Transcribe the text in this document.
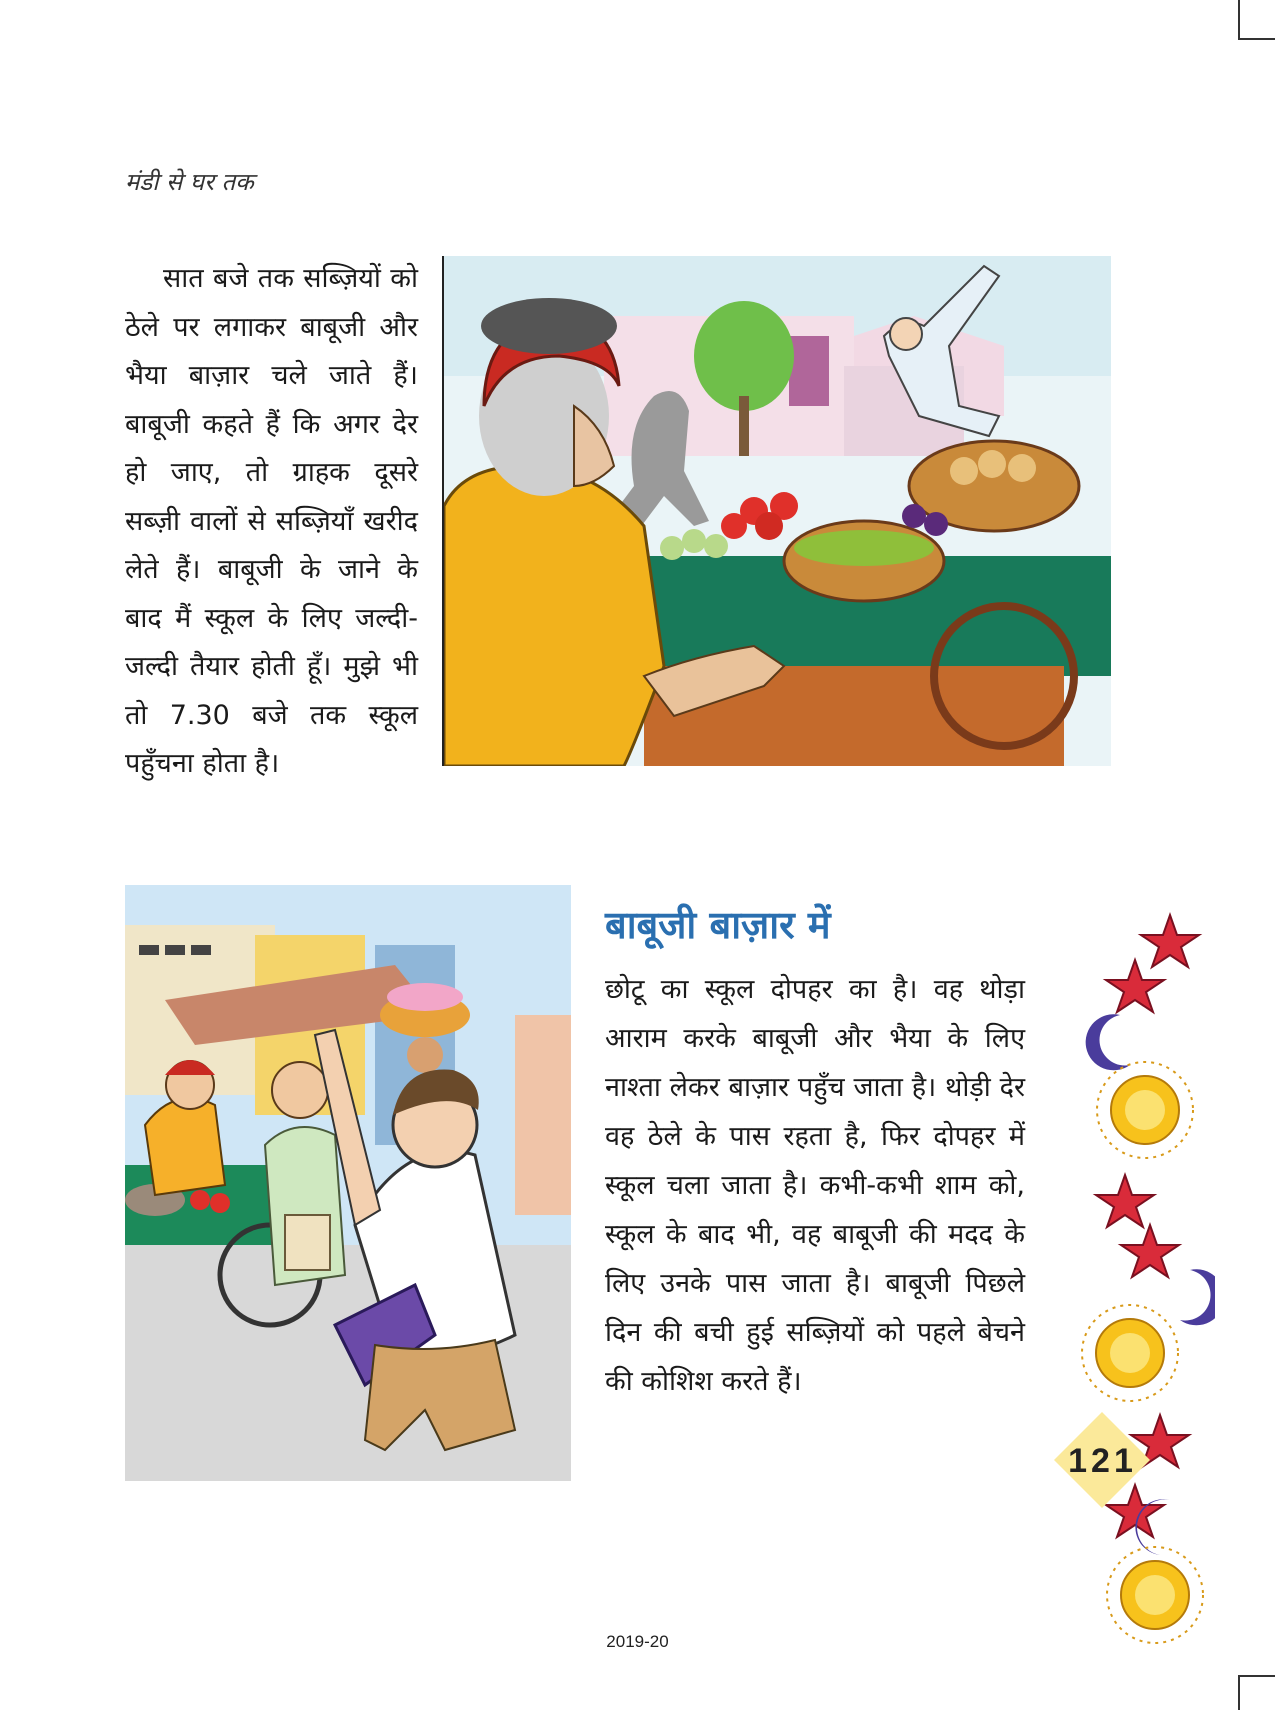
मंडी से घर तक

सात बजे तक सब्ज़ियों को ठेले पर लगाकर बाबूजी और भैया बाज़ार चले जाते हैं। बाबूजी कहते हैं कि अगर देर हो जाए, तो ग्राहक दूसरे सब्ज़ी वालों से सब्ज़ियाँ खरीद लेते हैं। बाबूजी के जाने के बाद मैं स्कूल के लिए जल्दी-जल्दी तैयार होती हूँ। मुझे भी तो 7.30 बजे तक स्कूल पहुँचना होता है।

बाबूजी बाज़ार में

छोटू का स्कूल दोपहर का है। वह थोड़ा आराम करके बाबूजी और भैया के लिए नाश्ता लेकर बाज़ार पहुँच जाता है। थोड़ी देर वह ठेले के पास रहता है, फिर दोपहर में स्कूल चला जाता है। कभी-कभी शाम को, स्कूल के बाद भी, वह बाबूजी की मदद के लिए उनके पास जाता है। बाबूजी पिछले दिन की बची हुई सब्ज़ियों को पहले बेचने की कोशिश करते हैं।

121
2019-20
